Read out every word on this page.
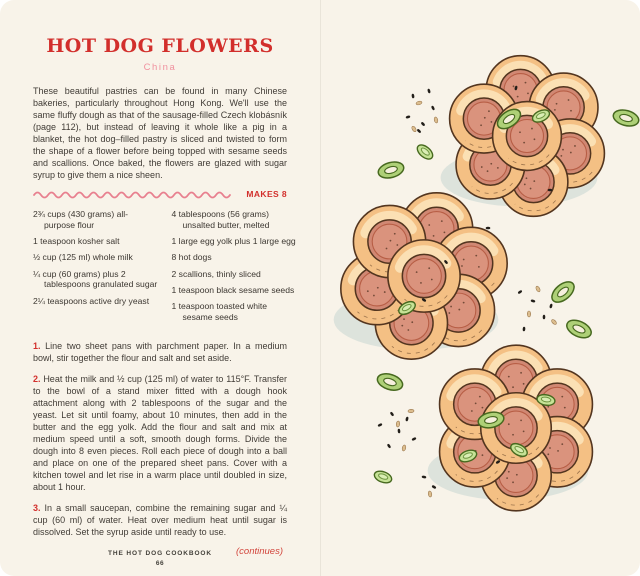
HOT DOG FLOWERS
China

These beautiful pastries can be found in many Chinese bakeries, particularly throughout Hong Kong. We'll use the same fluffy dough as that of the sausage-filled Czech klobásník (page 112), but instead of leaving it whole like a pig in a blanket, the hot dog–filled pastry is sliced and twisted to form the shape of a flower before being topped with sesame seeds and scallions. Once baked, the flowers are glazed with sugar syrup to give them a nice sheen.

MAKES 8
2¾ cups (430 grams) all-purpose flour
1 teaspoon kosher salt
½ cup (125 ml) whole milk
¼ cup (60 grams) plus 2 tablespoons granulated sugar
2¼ teaspoons active dry yeast
4 tablespoons (56 grams) unsalted butter, melted
1 large egg yolk plus 1 large egg
8 hot dogs
2 scallions, thinly sliced
1 teaspoon black sesame seeds
1 teaspoon toasted white sesame seeds

1. Line two sheet pans with parchment paper. In a medium bowl, stir together the flour and salt and set aside.

2. Heat the milk and ½ cup (125 ml) of water to 115°F. Transfer to the bowl of a stand mixer fitted with a dough hook attachment along with 2 tablespoons of the sugar and the yeast. Let sit until foamy, about 10 minutes, then add in the butter and the egg yolk. Add the flour and salt and mix at medium speed until a soft, smooth dough forms. Divide the dough into 8 even pieces. Roll each piece of dough into a ball and place on one of the prepared sheet pans. Cover with a kitchen towel and let rise in a warm place until doubled in size, about 1 hour.

3. In a small saucepan, combine the remaining sugar and ¼ cup (60 ml) of water. Heat over medium heat until sugar is dissolved. Set the syrup aside until ready to use.

(continues)
THE HOT DOG COOKBOOK
66
